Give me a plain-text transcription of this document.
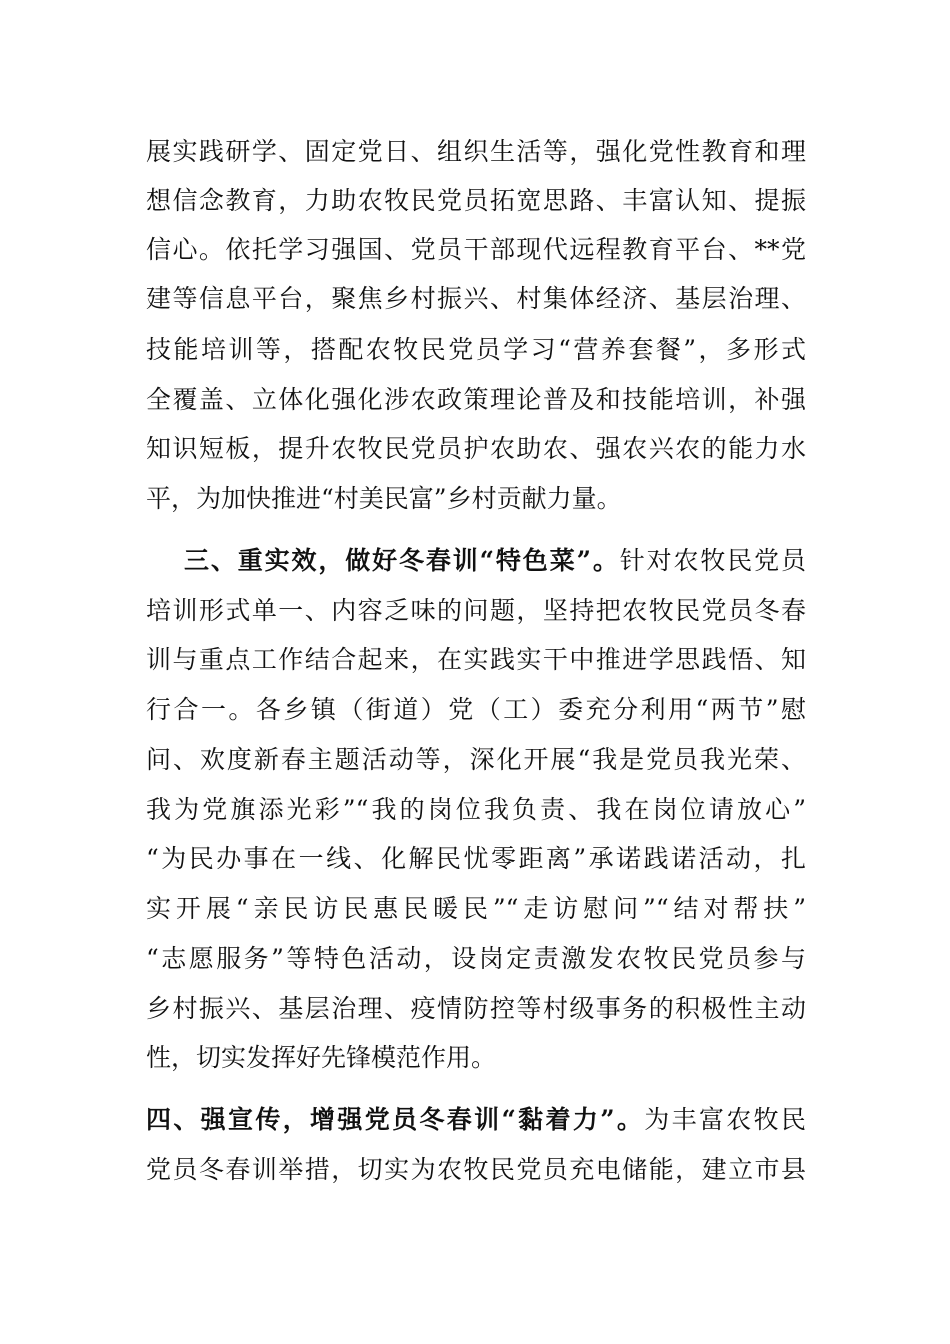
展实践研学、固定党日、组织生活等，强化党性教育和理
想信念教育，力助农牧民党员拓宽思路、丰富认知、提振
信心。依托学习强国、党员干部现代远程教育平台、**党
建等信息平台，聚焦乡村振兴、村集体经济、基层治理、
技能培训等，搭配农牧民党员学习“营养套餐”，多形式
全覆盖、立体化强化涉农政策理论普及和技能培训，补强
知识短板，提升农牧民党员护农助农、强农兴农的能力水
平，为加快推进“村美民富”乡村贡献力量。
三、重实效，做好冬春训“特色菜”。针对农牧民党员
培训形式单一、内容乏味的问题，坚持把农牧民党员冬春
训与重点工作结合起来，在实践实干中推进学思践悟、知
行合一。各乡镇（街道）党（工）委充分利用“两节”慰
问、欢度新春主题活动等，深化开展“我是党员我光荣、
我为党旗添光彩”“我的岗位我负责、我在岗位请放心”
“为民办事在一线、化解民忧零距离”承诺践诺活动，扎
实开展“亲民访民惠民暖民”“走访慰问”“结对帮扶”
“志愿服务”等特色活动，设岗定责激发农牧民党员参与
乡村振兴、基层治理、疫情防控等村级事务的积极性主动
性，切实发挥好先锋模范作用。
四、强宣传，增强党员冬春训“黏着力”。为丰富农牧民
党员冬春训举措，切实为农牧民党员充电储能，建立市县
